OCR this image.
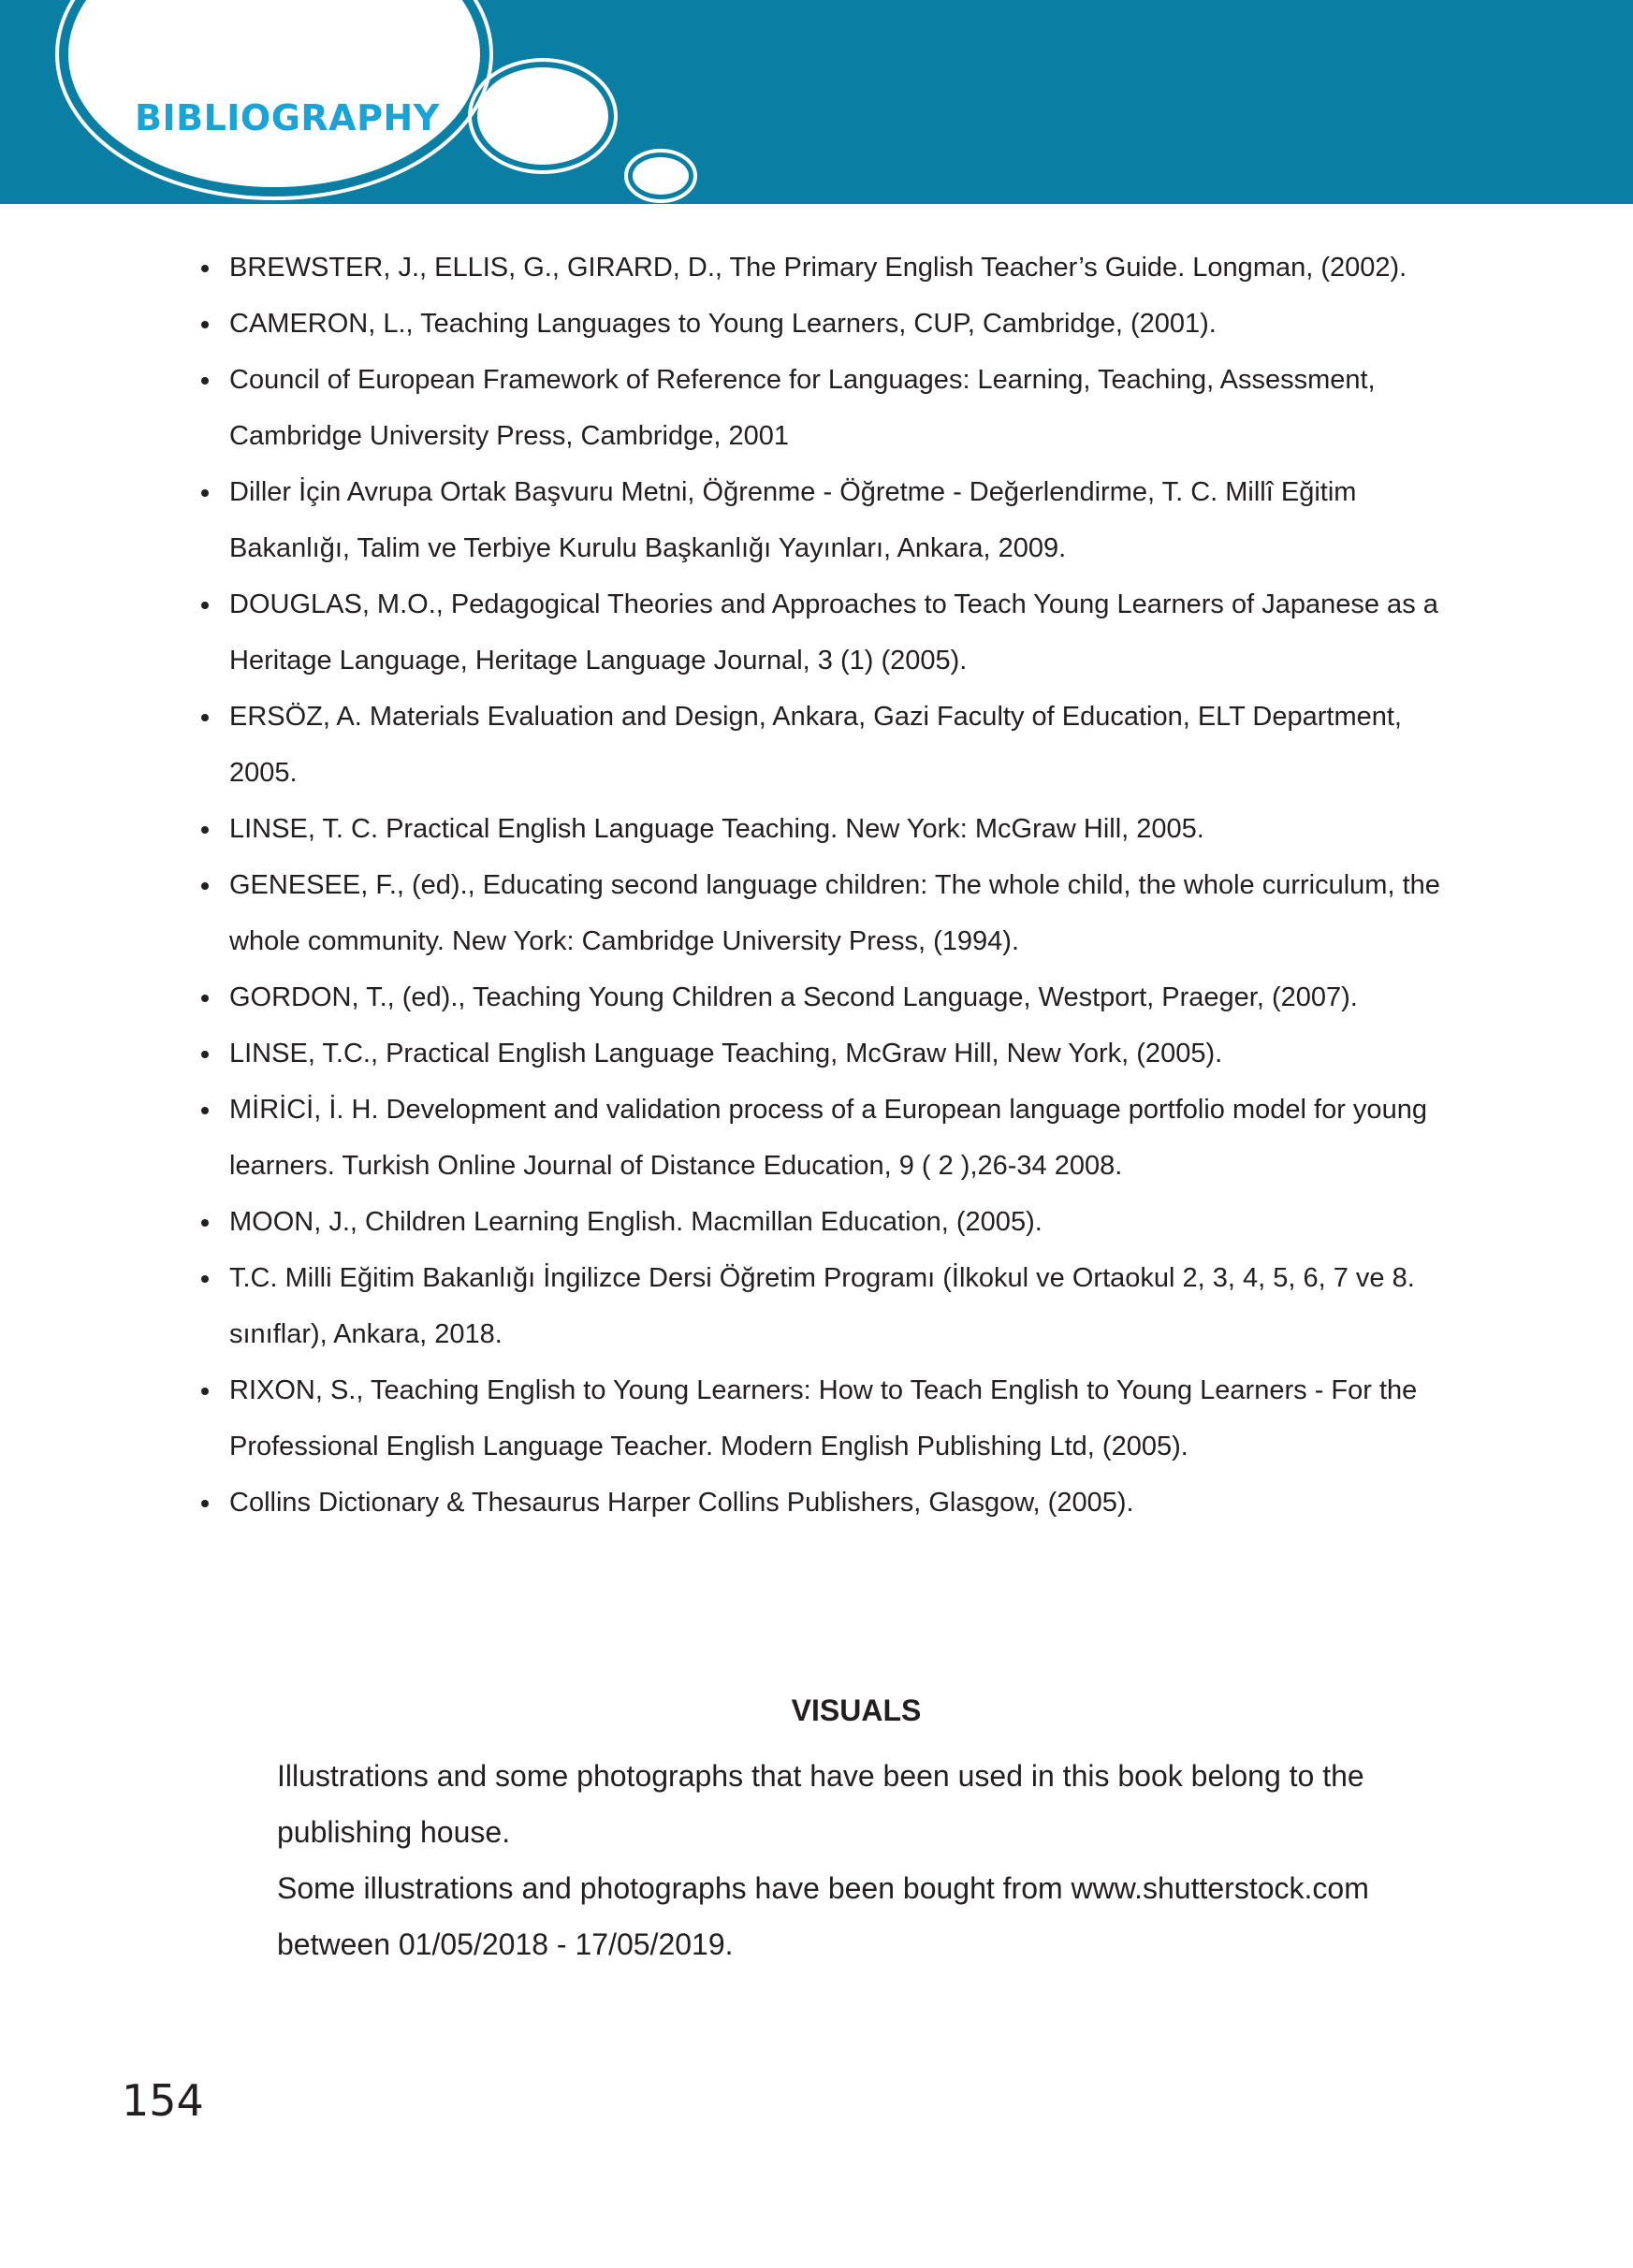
BIBLIOGRAPHY
BREWSTER, J., ELLIS, G., GIRARD, D., The Primary English Teacher’s Guide. Longman, (2002).
CAMERON, L., Teaching Languages to Young Learners, CUP, Cambridge, (2001).
Council of European Framework of Reference for Languages: Learning, Teaching, Assessment, Cambridge University Press, Cambridge, 2001
Diller İçin Avrupa Ortak Başvuru Metni, Öğrenme - Öğretme - Değerlendirme, T. C. Millî Eğitim Bakanlığı, Talim ve Terbiye Kurulu Başkanlığı Yayınları, Ankara, 2009.
DOUGLAS, M.O., Pedagogical Theories and Approaches to Teach Young Learners of Japanese as a Heritage Language, Heritage Language Journal, 3 (1) (2005).
ERSÖZ, A. Materials Evaluation and Design, Ankara, Gazi Faculty of Education, ELT Department, 2005.
LINSE, T. C. Practical English Language Teaching. New York: McGraw Hill, 2005.
GENESEE, F., (ed)., Educating second language children: The whole child, the whole curriculum, the whole community. New York: Cambridge University Press, (1994).
GORDON, T., (ed)., Teaching Young Children a Second Language, Westport, Praeger, (2007).
LINSE, T.C., Practical English Language Teaching, McGraw Hill, New York, (2005).
MİRİCİ, İ. H. Development and validation process of a European language portfolio model for young learners. Turkish Online Journal of Distance Education, 9 ( 2 ),26-34 2008.
MOON, J., Children Learning English. Macmillan Education, (2005).
T.C. Milli Eğitim Bakanlığı İngilizce Dersi Öğretim Programı (İlkokul ve Ortaokul 2, 3, 4, 5, 6, 7 ve 8. sınıflar), Ankara, 2018.
RIXON, S., Teaching English to Young Learners: How to Teach English to Young Learners - For the Professional English Language Teacher. Modern English Publishing Ltd, (2005).
Collins Dictionary & Thesaurus Harper Collins Publishers, Glasgow, (2005).
VISUALS

Illustrations and some photographs that have been used in this book belong to the publishing house.

Some illustrations and photographs have been bought from www.shutterstock.com between 01/05/2018 - 17/05/2019.

154
